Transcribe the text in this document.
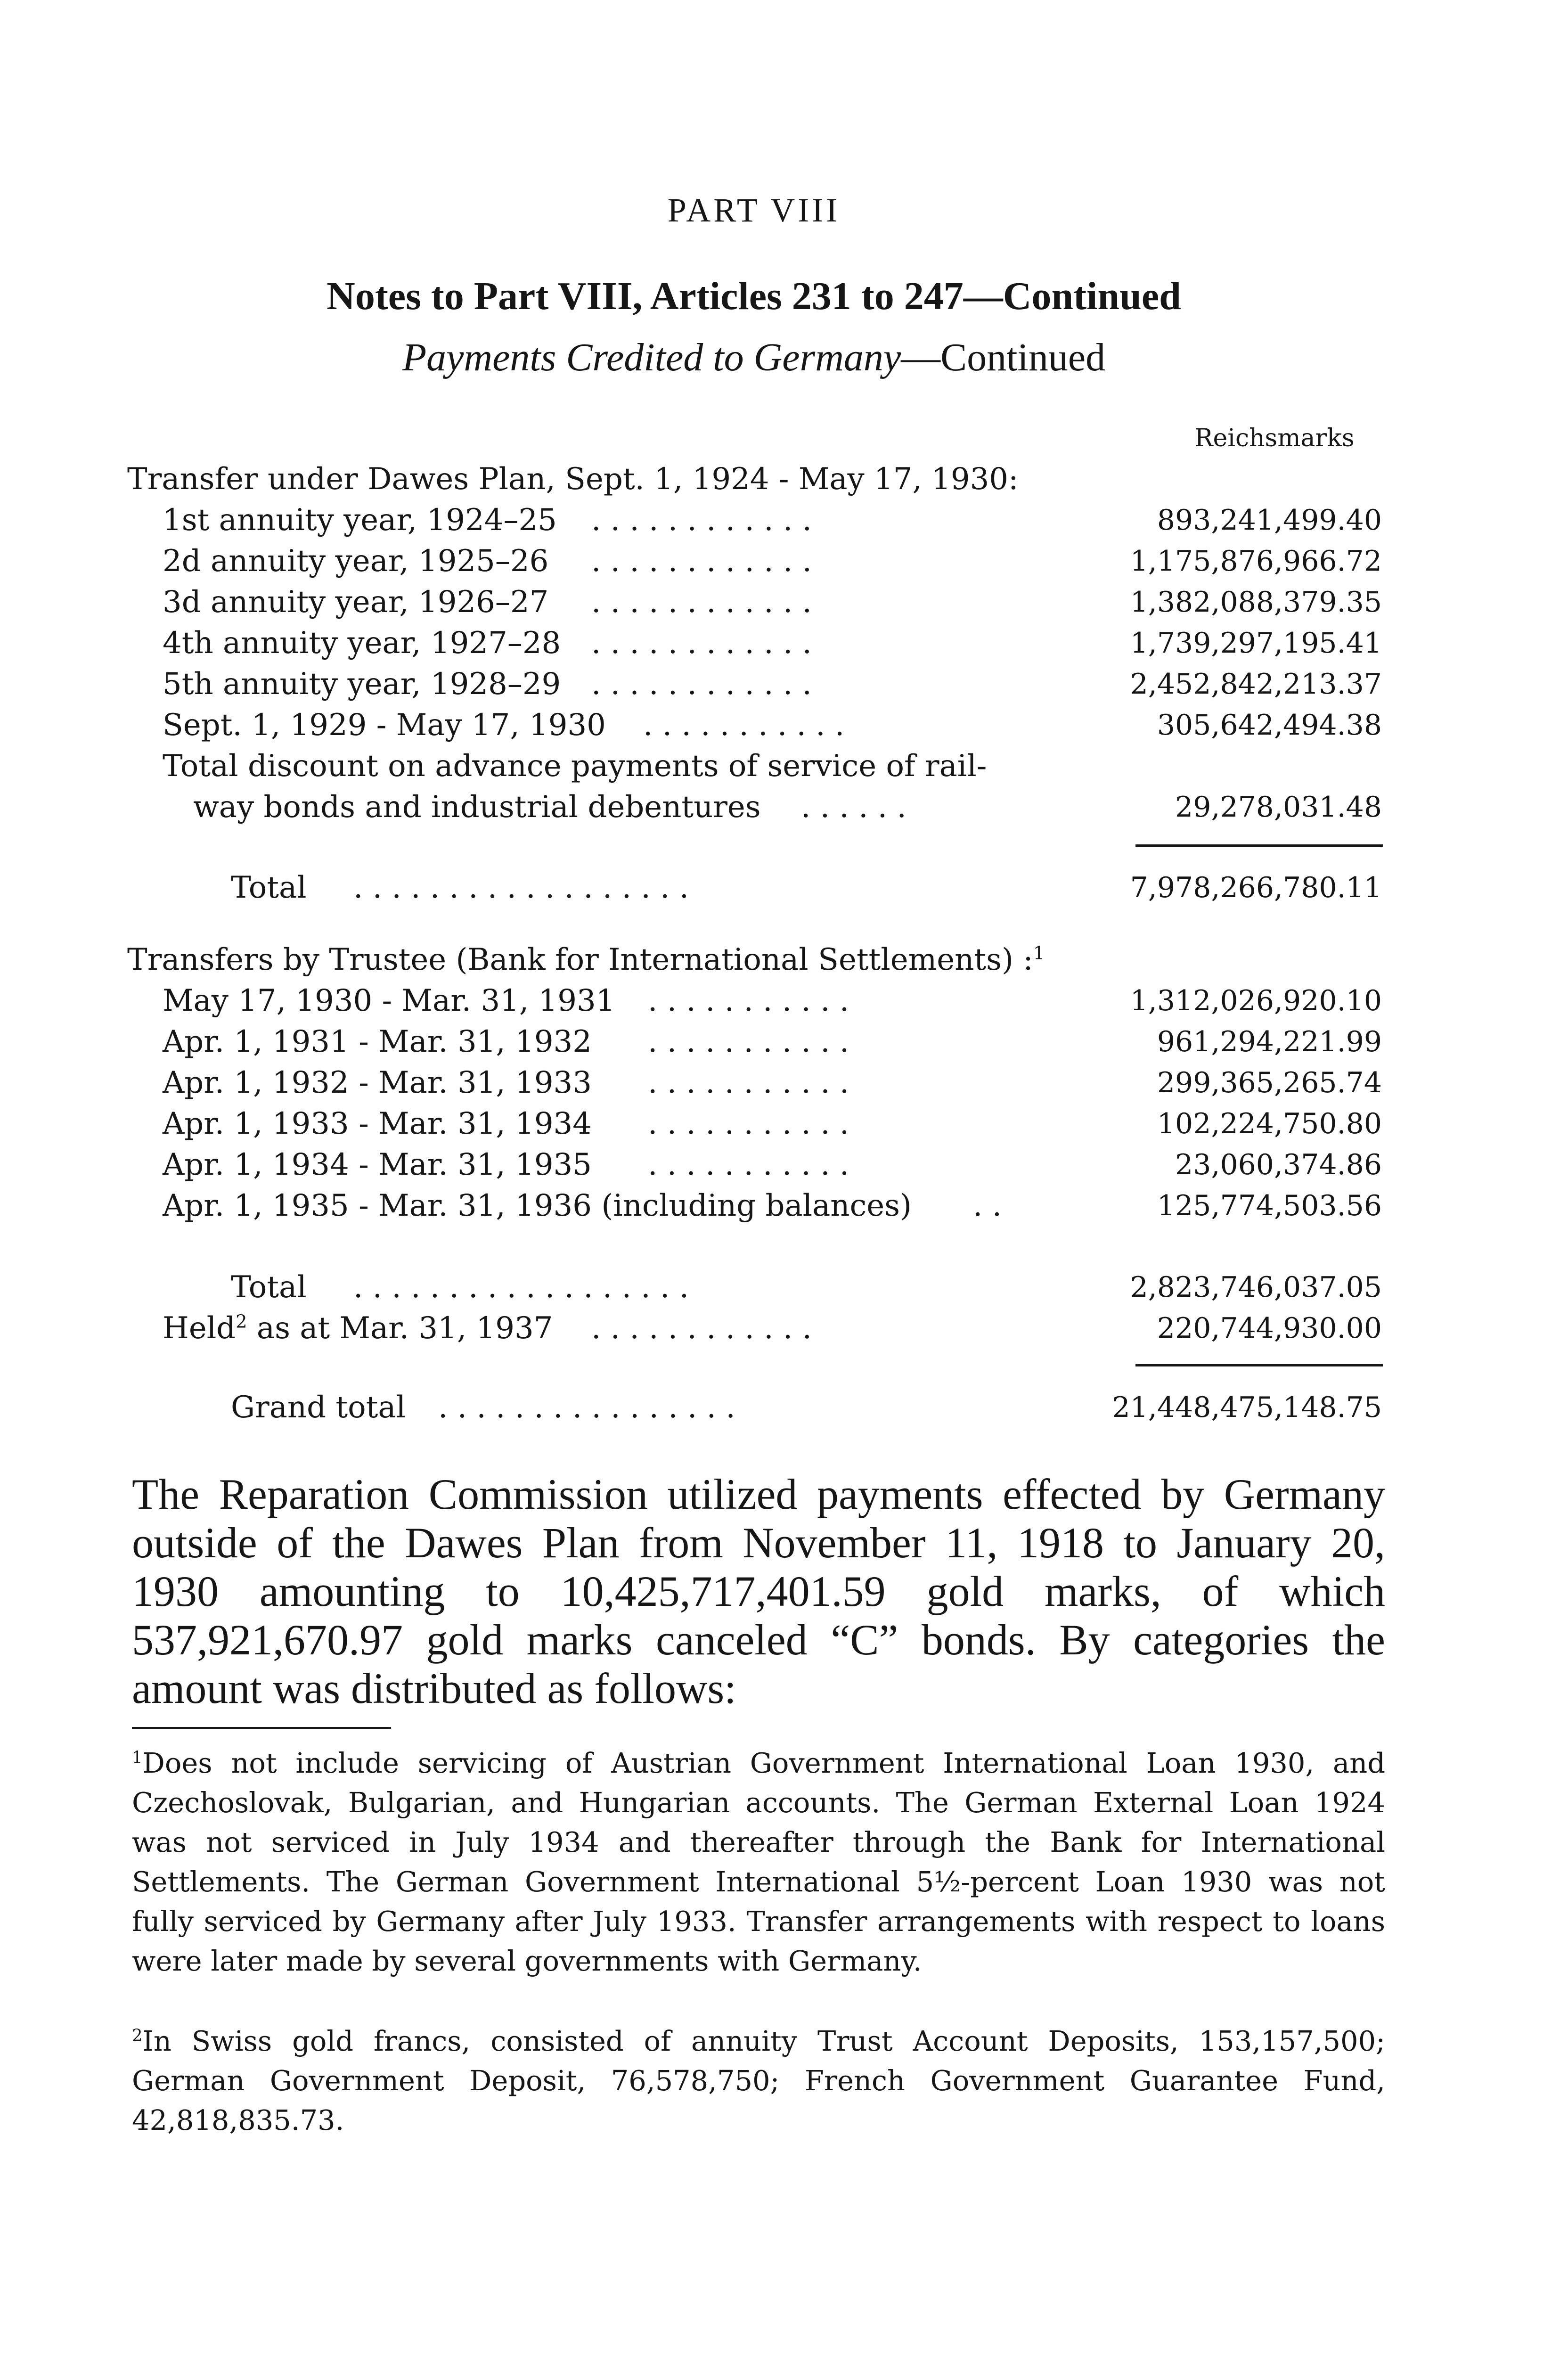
PART VIII
Notes to Part VIII, Articles 231 to 247—Continued
Payments Credited to Germany—Continued
Reichsmarks
Transfer under Dawes Plan, Sept. 1, 1924 - May 17, 1930:
1st annuity year, 1924–25 . . . . . . . . . . . .	893,241,499.40
2d annuity year, 1925–26 . . . . . . . . . . . .	1,175,876,966.72
3d annuity year, 1926–27 . . . . . . . . . . . .	1,382,088,379.35
4th annuity year, 1927–28 . . . . . . . . . . . .	1,739,297,195.41
5th annuity year, 1928–29 . . . . . . . . . . . .	2,452,842,213.37
Sept. 1, 1929 - May 17, 1930 . . . . . . . . . . .	305,642,494.38
Total discount on advance payments of service of rail-
way bonds and industrial debentures . . . . . .	29,278,031.48
Total . . . . . . . . . . . . . . . . . .	7,978,266,780.11
Transfers by Trustee (Bank for International Settlements) :$^1$
May 17, 1930 - Mar. 31, 1931 . . . . . . . . . . .	1,312,026,920.10
Apr. 1, 1931 - Mar. 31, 1932 . . . . . . . . . . .	961,294,221.99
Apr. 1, 1932 - Mar. 31, 1933 . . . . . . . . . . .	299,365,265.74
Apr. 1, 1933 - Mar. 31, 1934 . . . . . . . . . . .	102,224,750.80
Apr. 1, 1934 - Mar. 31, 1935 . . . . . . . . . . .	23,060,374.86
Apr. 1, 1935 - Mar. 31, 1936 (including balances) . .	125,774,503.56
Total . . . . . . . . . . . . . . . . . .	2,823,746,037.05
Held$^2$ as at Mar. 31, 1937 . . . . . . . . . . . .	220,744,930.00
Grand total . . . . . . . . . . . . . . . .	21,448,475,148.75
The Reparation Commission utilized payments effected by Germany outside of the Dawes Plan from November 11, 1918 to January 20, 1930 amounting to 10,425,717,401.59 gold marks, of which 537,921,670.97 gold marks canceled “C” bonds. By categories the amount was distributed as follows:
$^1$Does not include servicing of Austrian Government International Loan 1930, and Czechoslovak, Bulgarian, and Hungarian accounts. The German External Loan 1924 was not serviced in July 1934 and thereafter through the Bank for International Settlements. The German Government International 5½-percent Loan 1930 was not fully serviced by Germany after July 1933. Transfer arrangements with respect to loans were later made by several governments with Germany.
$^2$In Swiss gold francs, consisted of annuity Trust Account Deposits, 153,157,500; German Government Deposit, 76,578,750; French Government Guarantee Fund, 42,818,835.73.
